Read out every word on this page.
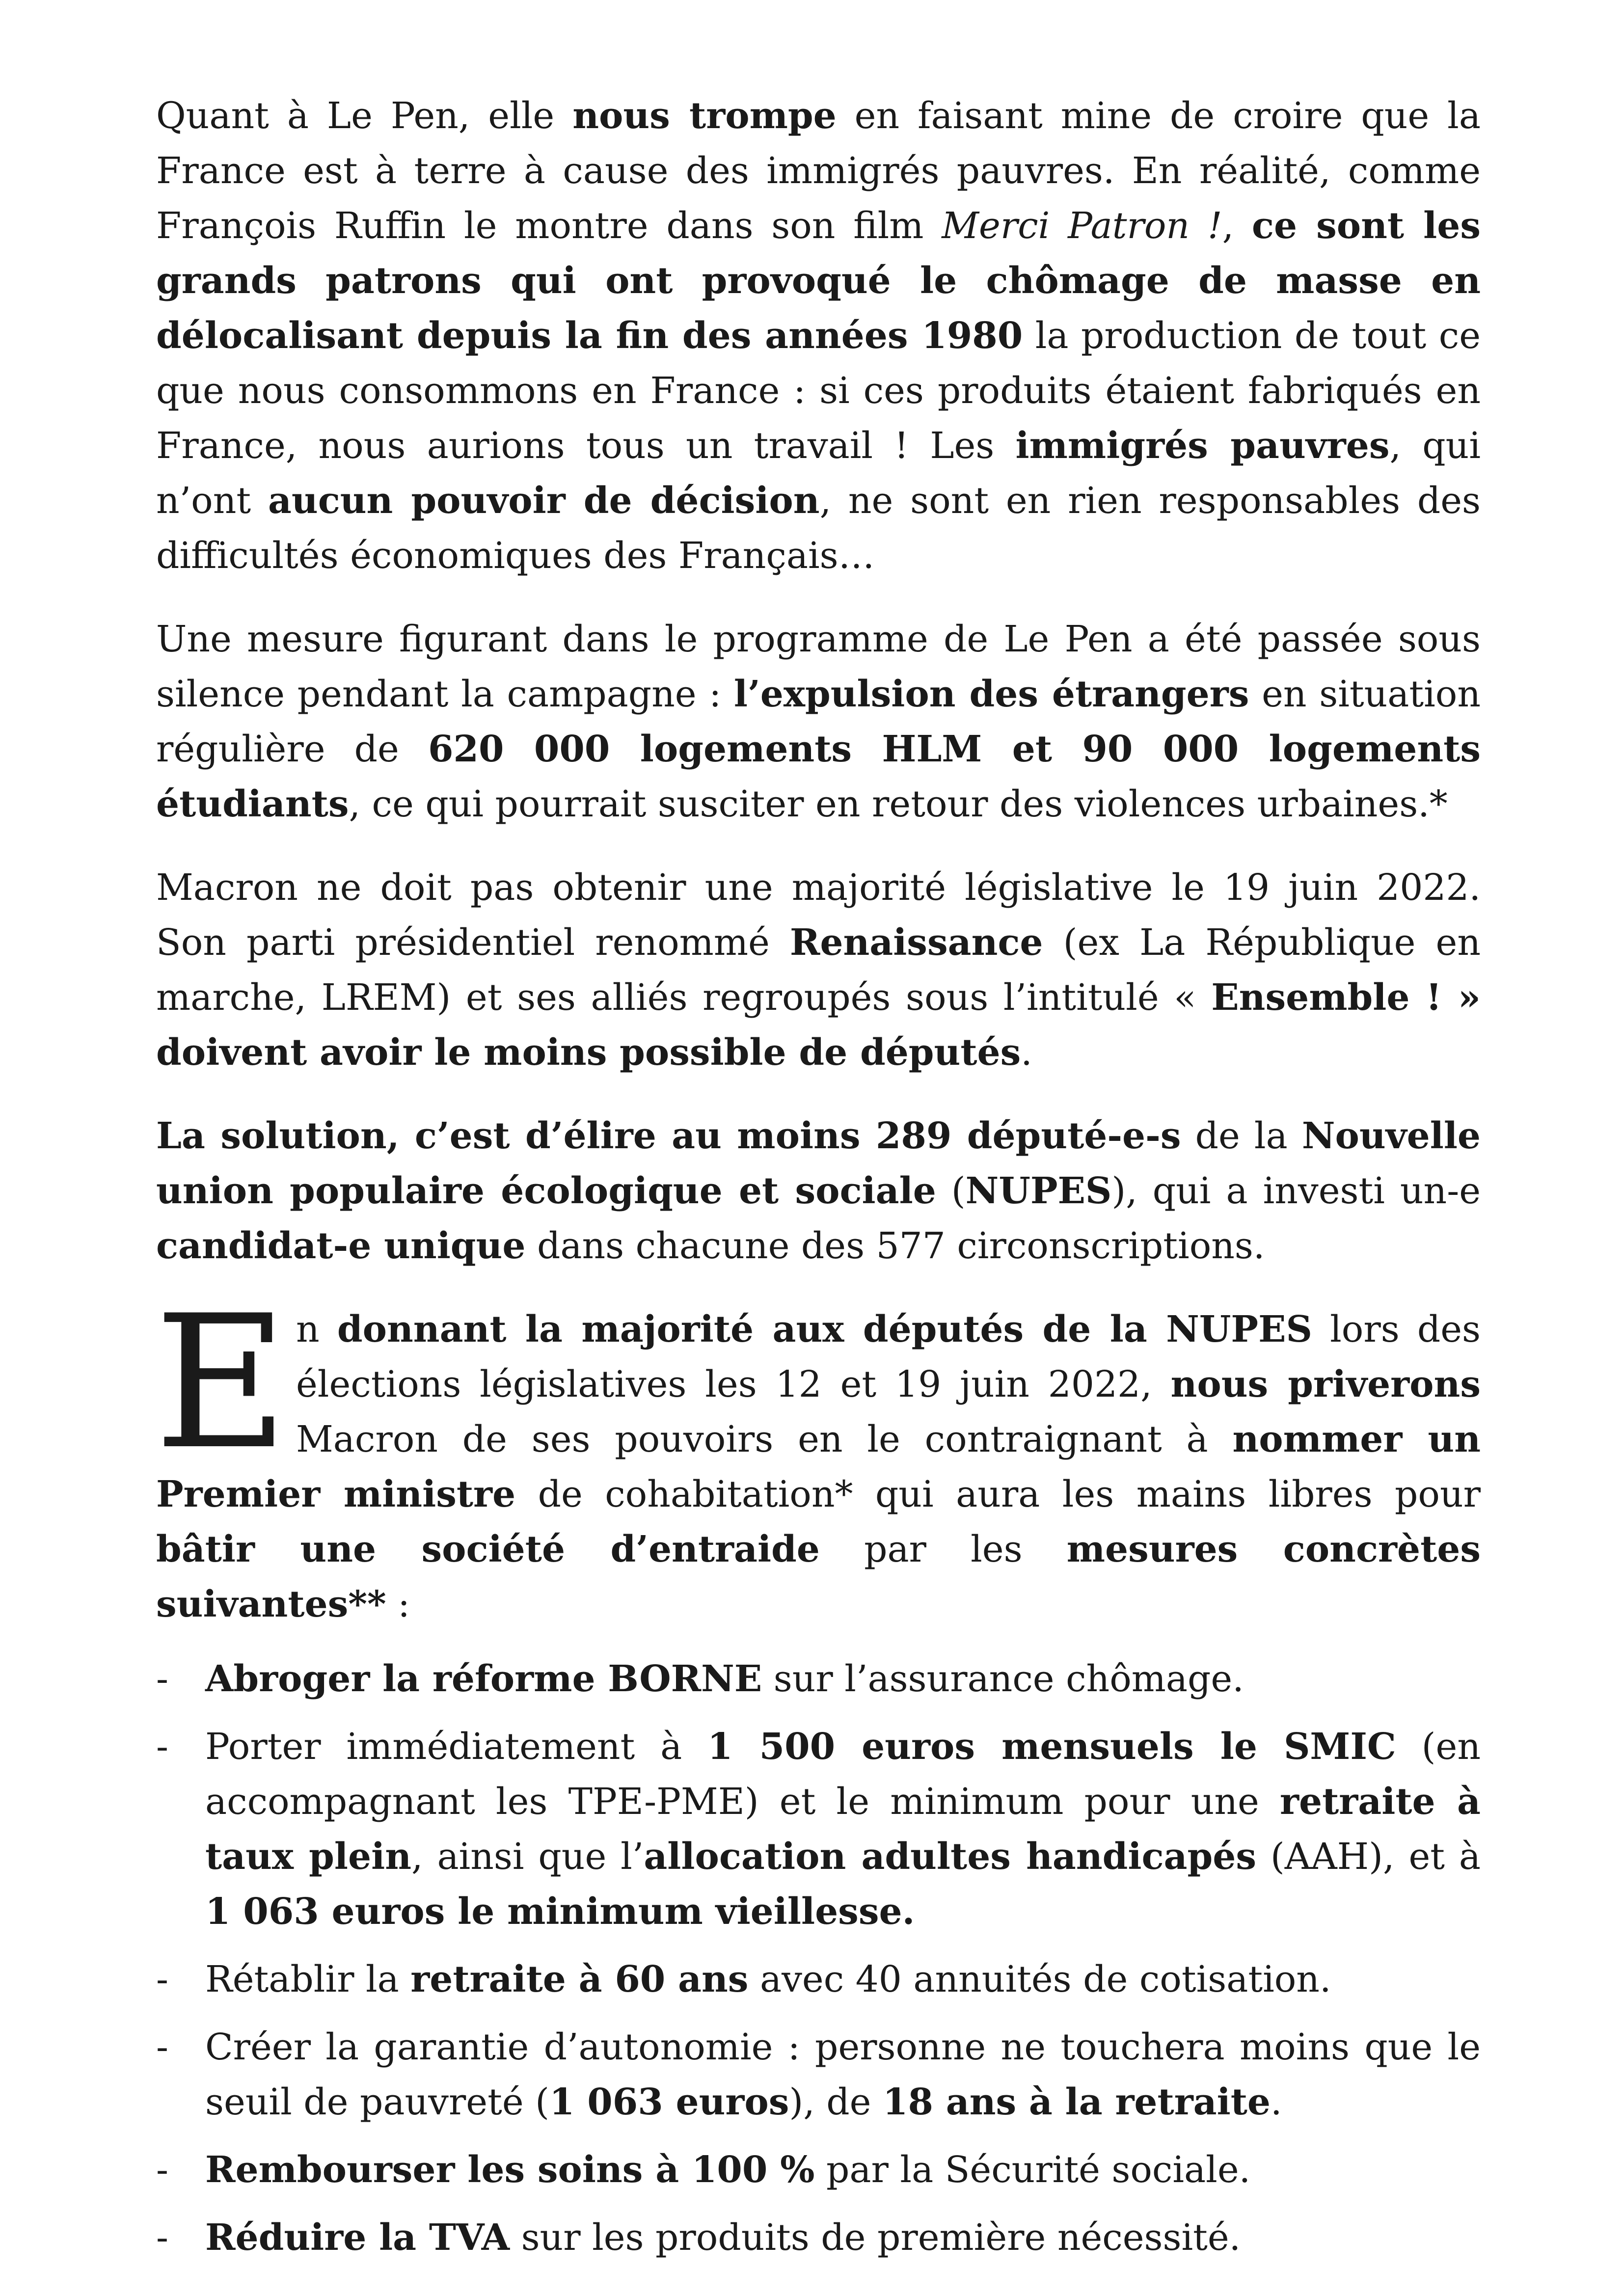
Quant à Le Pen, elle nous trompe en faisant mine de croire que la France est à terre à cause des immigrés pauvres. En réalité, comme François Ruffin le montre dans son film Merci Patron !, ce sont les grands patrons qui ont provoqué le chômage de masse en délocalisant depuis la fin des années 1980 la production de tout ce que nous consommons en France : si ces produits étaient fabriqués en France, nous aurions tous un travail ! Les immigrés pauvres, qui n’ont aucun pouvoir de décision, ne sont en rien responsables des difficultés économiques des Français…

Une mesure figurant dans le programme de Le Pen a été passée sous silence pendant la campagne : l’expulsion des étrangers en situation régulière de 620 000 logements HLM et 90 000 logements étudiants, ce qui pourrait susciter en retour des violences urbaines.*

Macron ne doit pas obtenir une majorité législative le 19 juin 2022. Son parti présidentiel renommé Renaissance (ex La République en marche, LREM) et ses alliés regroupés sous l’intitulé « Ensemble ! » doivent avoir le moins possible de députés.

La solution, c’est d’élire au moins 289 député-e-s de la Nouvelle union populaire écologique et sociale (NUPES), qui a investi un-e candidat-e unique dans chacune des 577 circonscriptions.

En donnant la majorité aux députés de la NUPES lors des élections législatives les 12 et 19 juin 2022, nous priverons Macron de ses pouvoirs en le contraignant à nommer un Premier ministre de cohabitation* qui aura les mains libres pour bâtir une société d’entraide par les mesures concrètes suivantes** :

- Abroger la réforme BORNE sur l’assurance chômage.
- Porter immédiatement à 1 500 euros mensuels le SMIC (en accompagnant les TPE-PME) et le minimum pour une retraite à taux plein, ainsi que l’allocation adultes handicapés (AAH), et à 1 063 euros le minimum vieillesse.
- Rétablir la retraite à 60 ans avec 40 annuités de cotisation.
- Créer la garantie d’autonomie : personne ne touchera moins que le seuil de pauvreté (1 063 euros), de 18 ans à la retraite.
- Rembourser les soins à 100 % par la Sécurité sociale.
- Réduire la TVA sur les produits de première nécessité.
